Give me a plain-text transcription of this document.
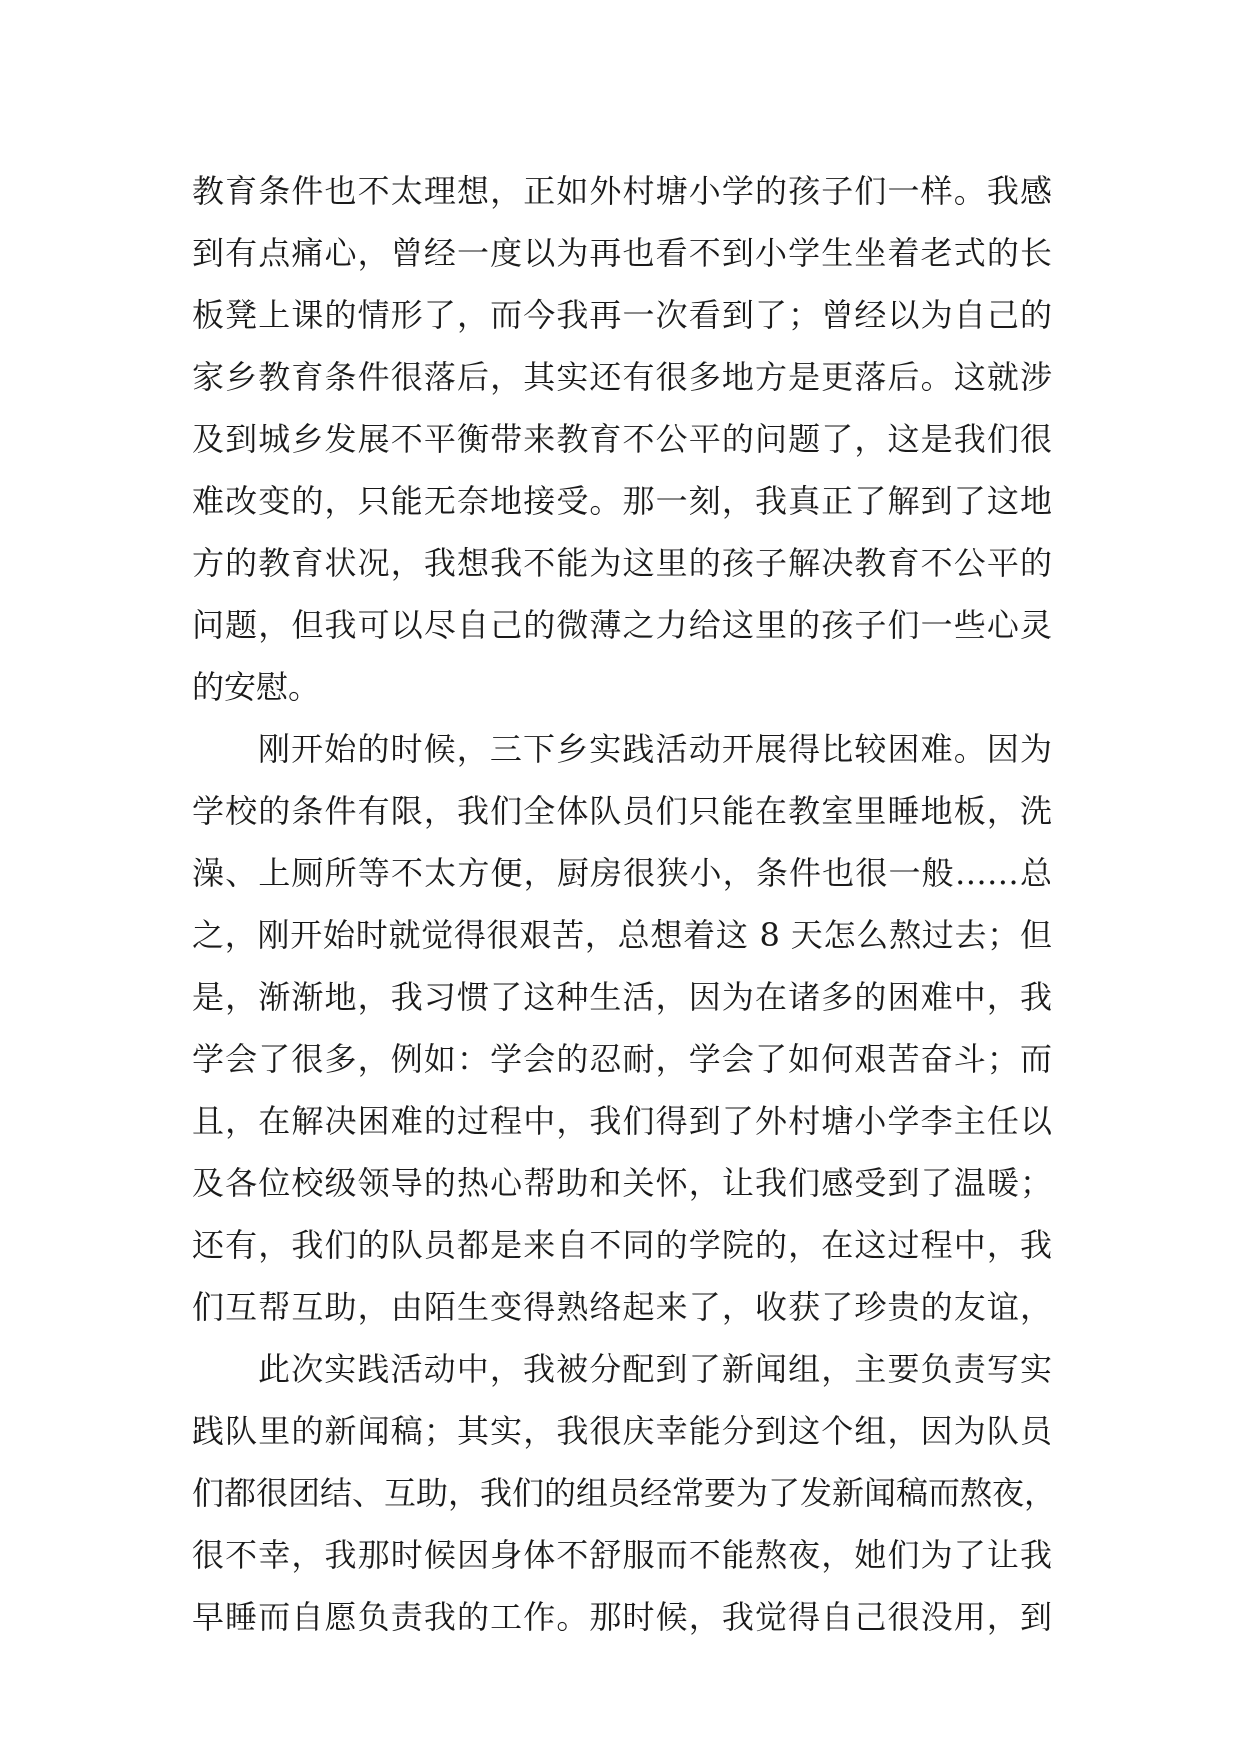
教育条件也不太理想，正如外村塘小学的孩子们一样。我感
到有点痛心，曾经一度以为再也看不到小学生坐着老式的长
板凳上课的情形了，而今我再一次看到了；曾经以为自己的
家乡教育条件很落后，其实还有很多地方是更落后。这就涉
及到城乡发展不平衡带来教育不公平的问题了，这是我们很
难改变的，只能无奈地接受。那一刻，我真正了解到了这地
方的教育状况，我想我不能为这里的孩子解决教育不公平的
问题，但我可以尽自己的微薄之力给这里的孩子们一些心灵
的安慰。
刚开始的时候，三下乡实践活动开展得比较困难。因为
学校的条件有限，我们全体队员们只能在教室里睡地板，洗
澡、上厕所等不太方便，厨房很狭小，条件也很一般……总
之，刚开始时就觉得很艰苦，总想着这 8 天怎么熬过去；但
是，渐渐地，我习惯了这种生活，因为在诸多的困难中，我
学会了很多，例如：学会的忍耐，学会了如何艰苦奋斗；而
且，在解决困难的过程中，我们得到了外村塘小学李主任以
及各位校级领导的热心帮助和关怀，让我们感受到了温暖；
还有，我们的队员都是来自不同的学院的，在这过程中，我
们互帮互助，由陌生变得熟络起来了，收获了珍贵的友谊，
此次实践活动中，我被分配到了新闻组，主要负责写实
践队里的新闻稿；其实，我很庆幸能分到这个组，因为队员
们都很团结、互助，我们的组员经常要为了发新闻稿而熬夜，
很不幸，我那时候因身体不舒服而不能熬夜，她们为了让我
早睡而自愿负责我的工作。那时候，我觉得自己很没用，到
